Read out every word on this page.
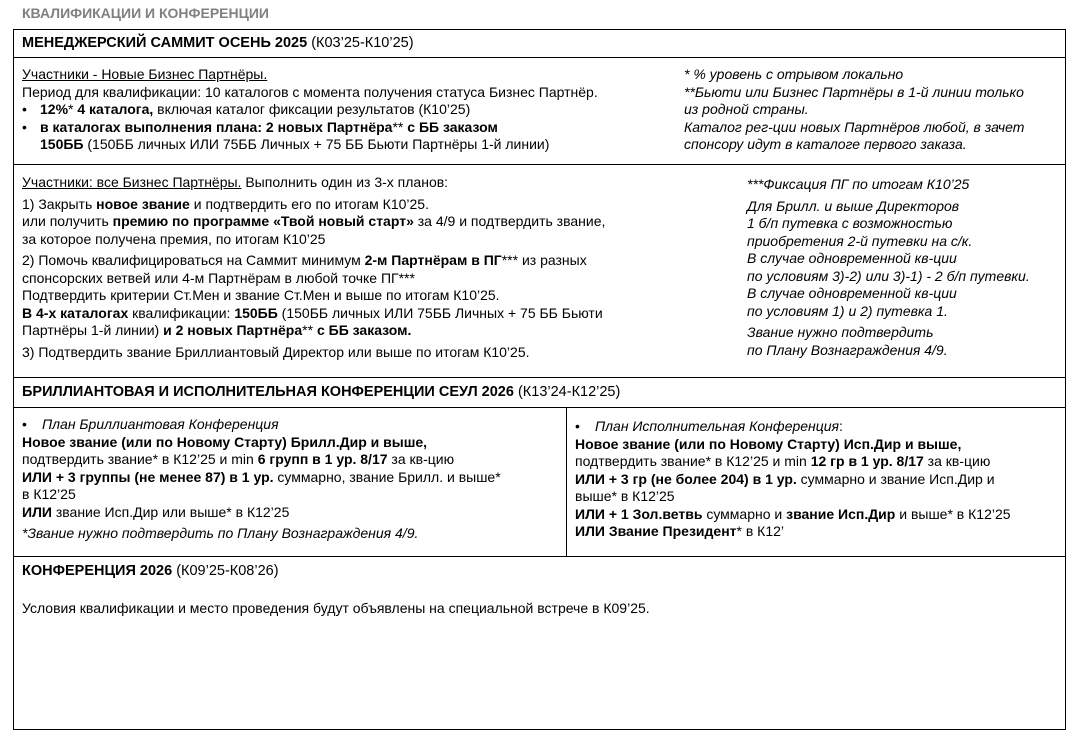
КВАЛИФИКАЦИИ И КОНФЕРЕНЦИИ

МЕНЕДЖЕРСКИЙ САММИТ ОСЕНЬ 2025 (К03’25-К10’25)

Участники - Новые Бизнес Партнёры.

Период для квалификации: 10 каталогов с момента получения статуса Бизнес Партнёр.

• 12%* 4 каталога, включая каталог фиксации результатов (К10’25)

• в каталогах выполнения плана: 2 новых Партнёра** с ББ заказом

150ББ (150ББ личных ИЛИ 75ББ Личных + 75 ББ Бьюти Партнёры 1-й линии)

* % уровень с отрывом локально

**Бьюти или Бизнес Партнёры в 1-й линии только

из родной страны.

Каталог рег-ции новых Партнёров любой, в зачет

спонсору идут в каталоге первого заказа.

Участники: все Бизнес Партнёры. Выполнить один из 3-х планов:

1) Закрыть новое звание и подтвердить его по итогам К10’25.

или получить премию по программе «Твой новый старт» за 4/9 и подтвердить звание,

за которое получена премия, по итогам К10’25

2) Помочь квалифицироваться на Саммит минимум 2-м Партнёрам в ПГ*** из разных

спонсорских ветвей или 4-м Партнёрам в любой точке ПГ***

Подтвердить критерии Ст.Мен и звание Ст.Мен и выше по итогам К10’25.

В 4-х каталогах квалификации: 150ББ (150ББ личных ИЛИ 75ББ Личных + 75 ББ Бьюти

Партнёры 1-й линии) и 2 новых Партнёра** с ББ заказом.

3) Подтвердить звание Бриллиантовый Директор или выше по итогам К10’25.

***Фиксация ПГ по итогам К10’25

Для Брилл. и выше Директоров

1 б/п путевка с возможностью

приобретения 2-й путевки на с/к.

В случае одновременной кв-ции

по условиям 3)-2) или 3)-1) - 2 б/п путевки.

В случае одновременной кв-ции

по условиям 1) и 2) путевка 1.

Звание нужно подтвердить

по Плану Вознаграждения 4/9.

БРИЛЛИАНТОВАЯ И ИСПОЛНИТЕЛЬНАЯ КОНФЕРЕНЦИИ СЕУЛ 2026 (К13’24-К12’25)

• План Бриллиантовая Конференция

Новое звание (или по Новому Старту) Брилл.Дир и выше,

подтвердить звание* в К12’25 и min 6 групп в 1 ур. 8/17 за кв-цию

ИЛИ + 3 группы (не менее 87) в 1 ур. суммарно, звание Брилл. и выше*

в К12’25

ИЛИ звание Исп.Дир или выше* в К12’25

*Звание нужно подтвердить по Плану Вознаграждения 4/9.

• План Исполнительная Конференция:

Новое звание (или по Новому Старту) Исп.Дир и выше,

подтвердить звание* в К12’25 и min 12 гр в 1 ур. 8/17 за кв-цию

ИЛИ + 3 гр (не более 204) в 1 ур. суммарно и звание Исп.Дир и

выше* в К12’25

ИЛИ + 1 Зол.ветвь суммарно и звание Исп.Дир и выше* в К12’25

ИЛИ Звание Президент* в К12’

КОНФЕРЕНЦИЯ 2026 (К09’25-К08’26)

Условия квалификации и место проведения будут объявлены на специальной встрече в К09’25.
